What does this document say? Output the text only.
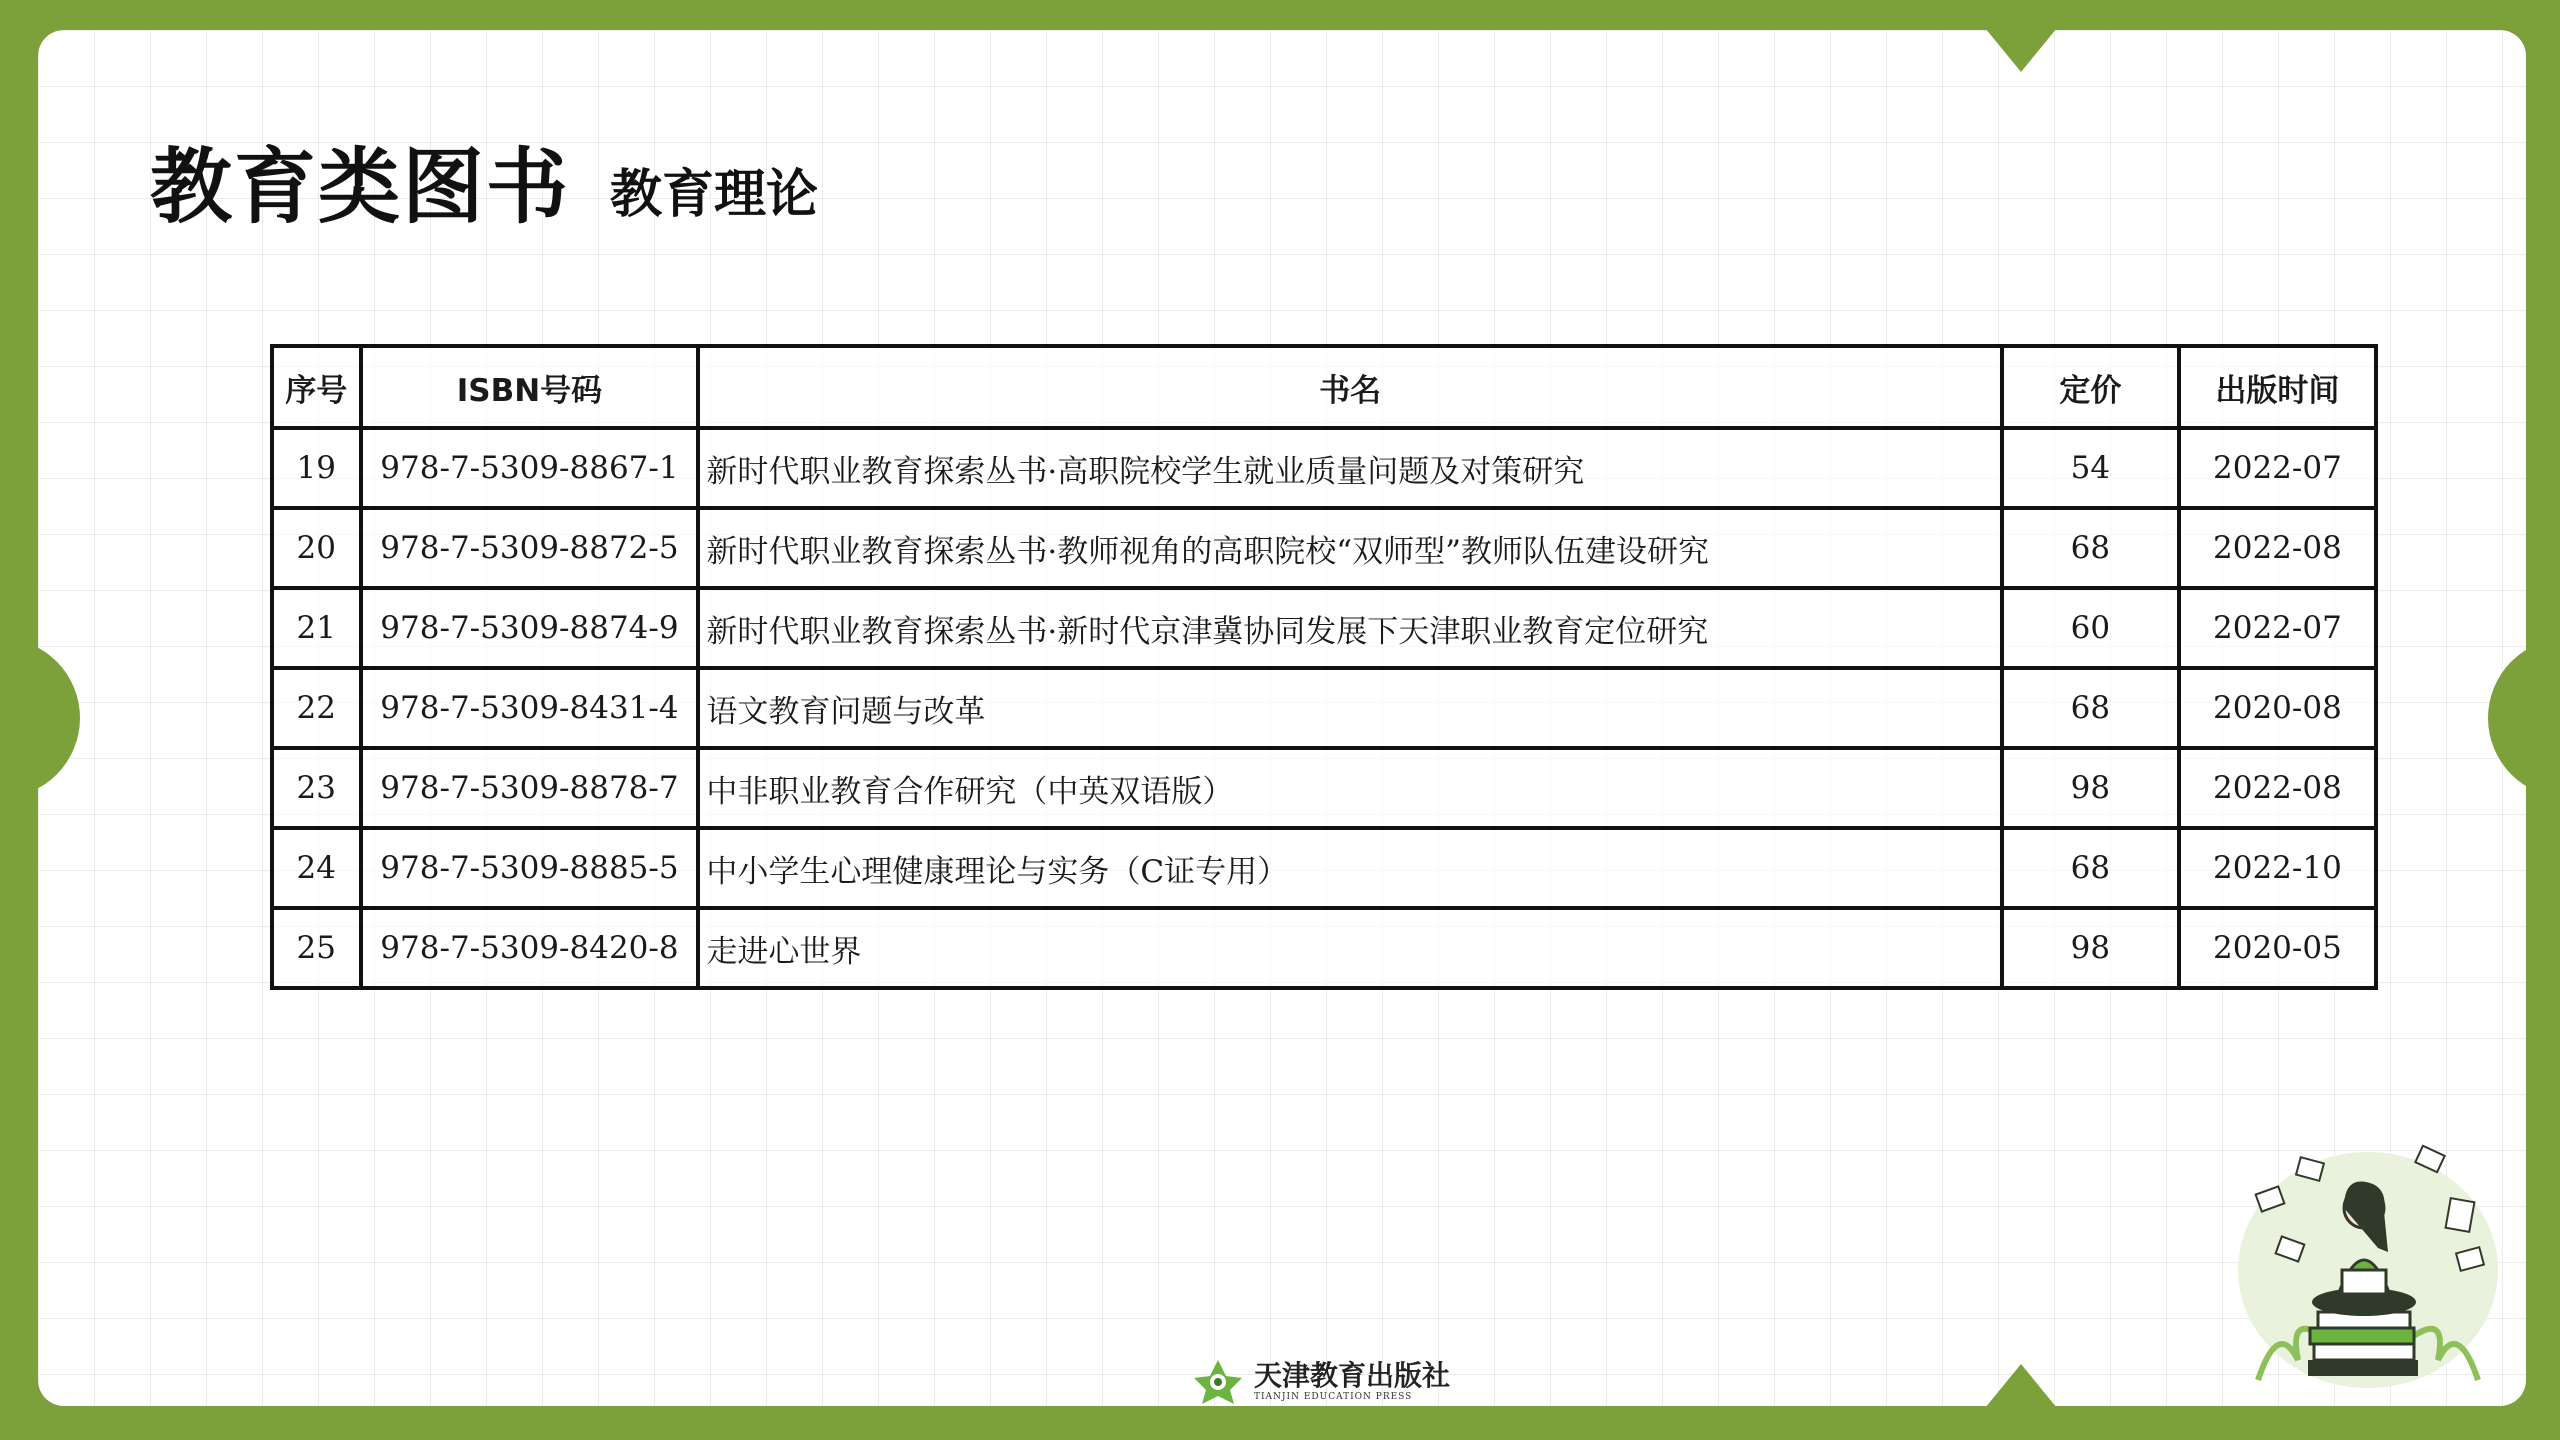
教育类图书 教育理论
序号	ISBN号码	书名	定价	出版时间
19	978-7-5309-8867-1	新时代职业教育探索丛书·高职院校学生就业质量问题及对策研究	54	2022-07
20	978-7-5309-8872-5	新时代职业教育探索丛书·教师视角的高职院校“双师型”教师队伍建设研究	68	2022-08
21	978-7-5309-8874-9	新时代职业教育探索丛书·新时代京津冀协同发展下天津职业教育定位研究	60	2022-07
22	978-7-5309-8431-4	语文教育问题与改革	68	2020-08
23	978-7-5309-8878-7	中非职业教育合作研究（中英双语版）	98	2022-08
24	978-7-5309-8885-5	中小学生心理健康理论与实务（C证专用）	68	2022-10
25	978-7-5309-8420-8	走进心世界	98	2020-05
天津教育出版社
TIANJIN EDUCATION PRESS
